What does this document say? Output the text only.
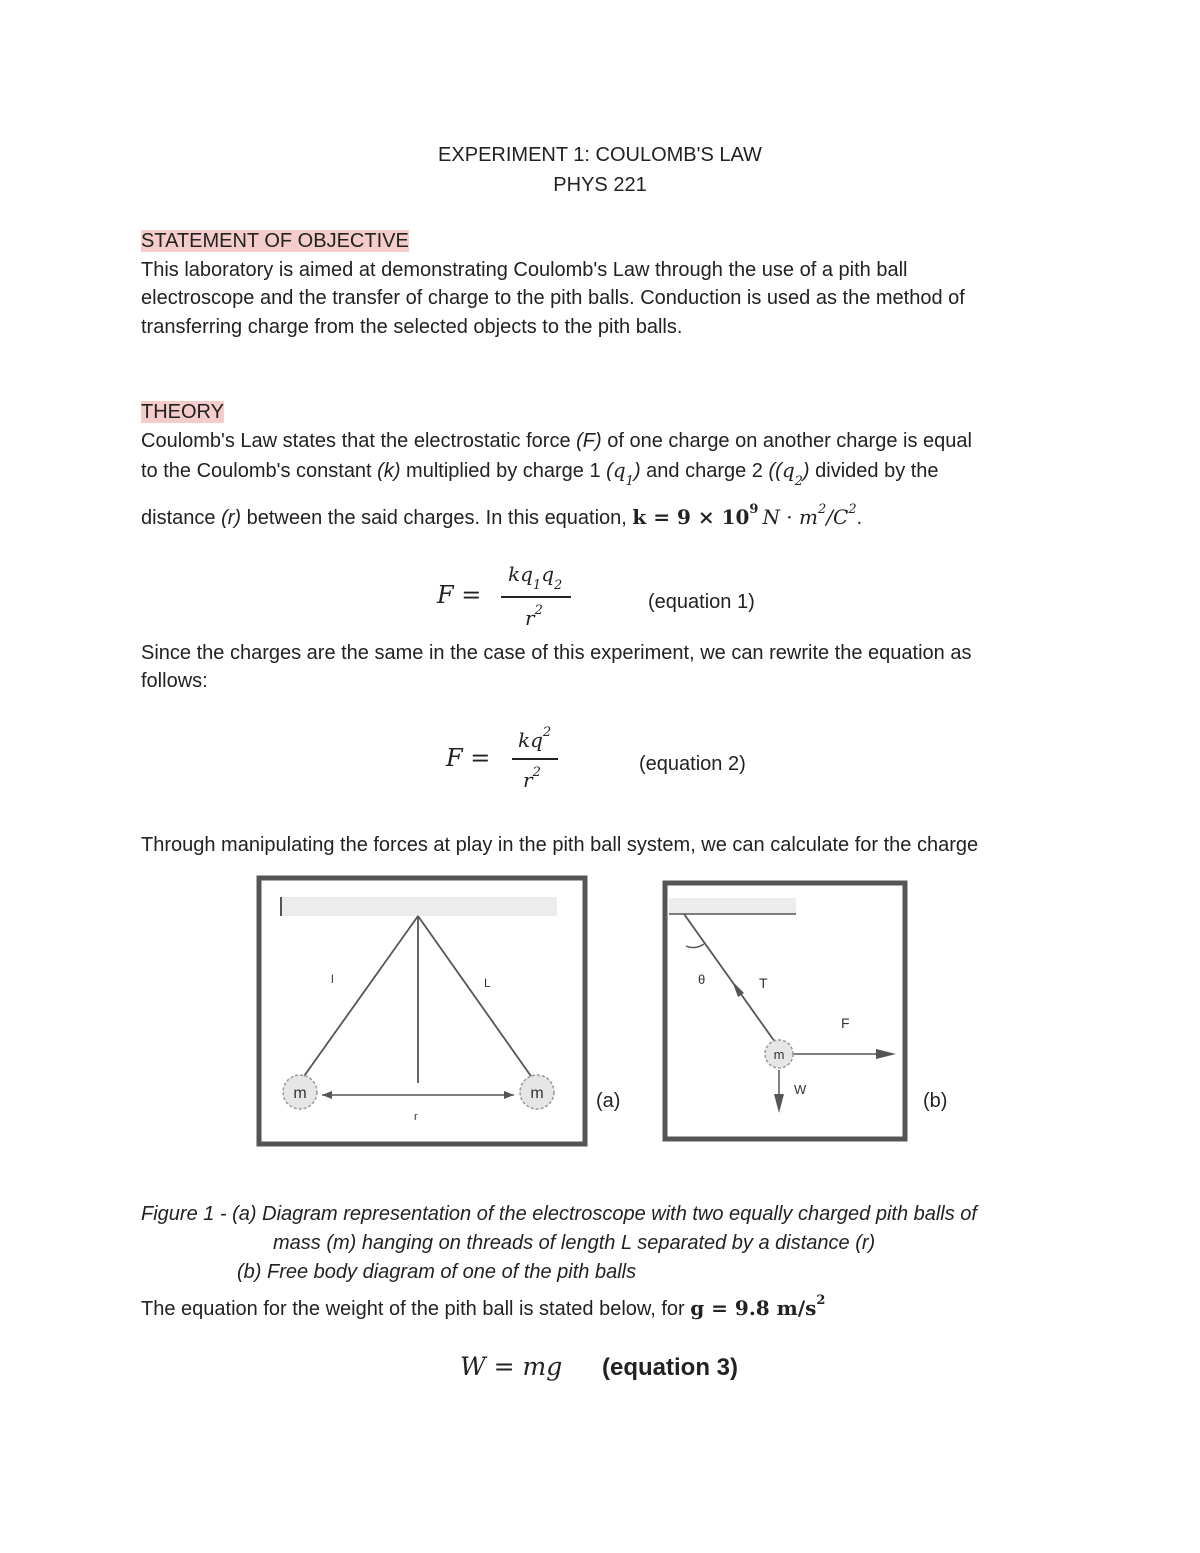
EXPERIMENT 1: COULOMB'S LAW
PHYS 221
STATEMENT OF OBJECTIVE
This laboratory is aimed at demonstrating Coulomb's Law through the use of a pith ball
electroscope and the transfer of charge to the pith balls. Conduction is used as the method of
transferring charge from the selected objects to the pith balls.
THEORY
Coulomb's Law states that the electrostatic force (F) of one charge on another charge is equal
to the Coulomb's constant (k) multiplied by charge 1 $(q_1)$ and charge 2 ($(q_2)$ divided by the
distance (r) between the said charges. In this equation, $k = 9 \times 10^9$ $N \cdot m^2/C^2$.
F =
$kq_1q_2$
$r^2$	(equation 1)
Since the charges are the same in the case of this experiment, we can rewrite the equation as
follows:
F =
$kq^2$
$r^2$	(equation 2)
Through manipulating the forces at play in the pith ball system, we can calculate for the charge
m	m
l	L
r
(a)
m
θ	T
F
W
(b)
Figure 1 - (a) Diagram representation of the electroscope with two equally charged pith balls of
mass (m) hanging on threads of length L separated by a distance (r)
(b) Free body diagram of one of the pith balls
The equation for the weight of the pith ball is stated below, for g = 9.8 $m/s^2$
W = mg (equation 3)
